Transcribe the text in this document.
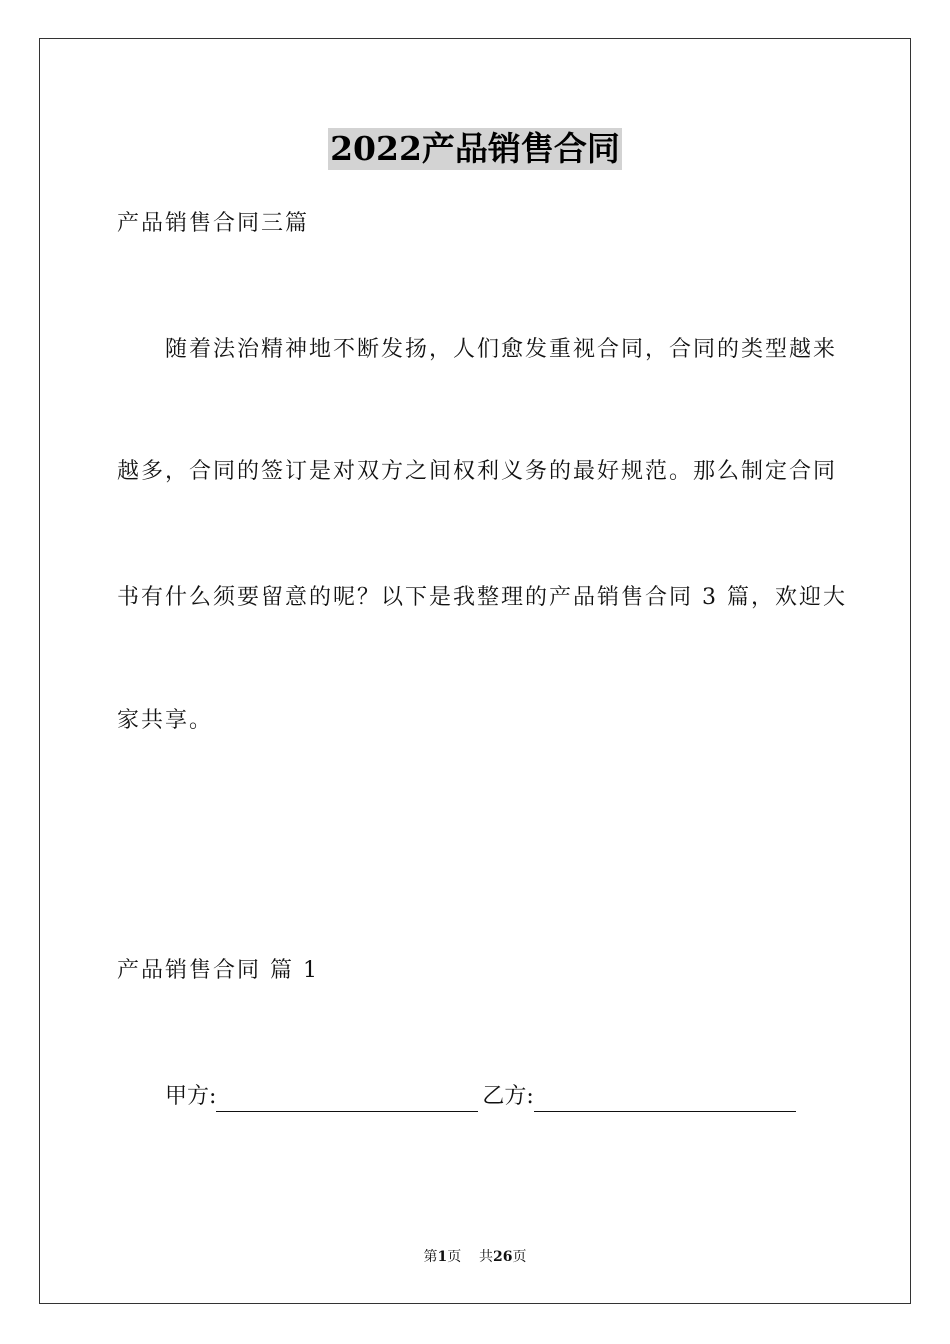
2022产品销售合同
产品销售合同三篇
随着法治精神地不断发扬，人们愈发重视合同，合同的类型越来
越多，合同的签订是对双方之间权利义务的最好规范。那么制定合同
书有什么须要留意的呢？以下是我整理的产品销售合同 3 篇，欢迎大
家共享。
产品销售合同 篇 1
甲方:	乙方:
第1页 共26页
